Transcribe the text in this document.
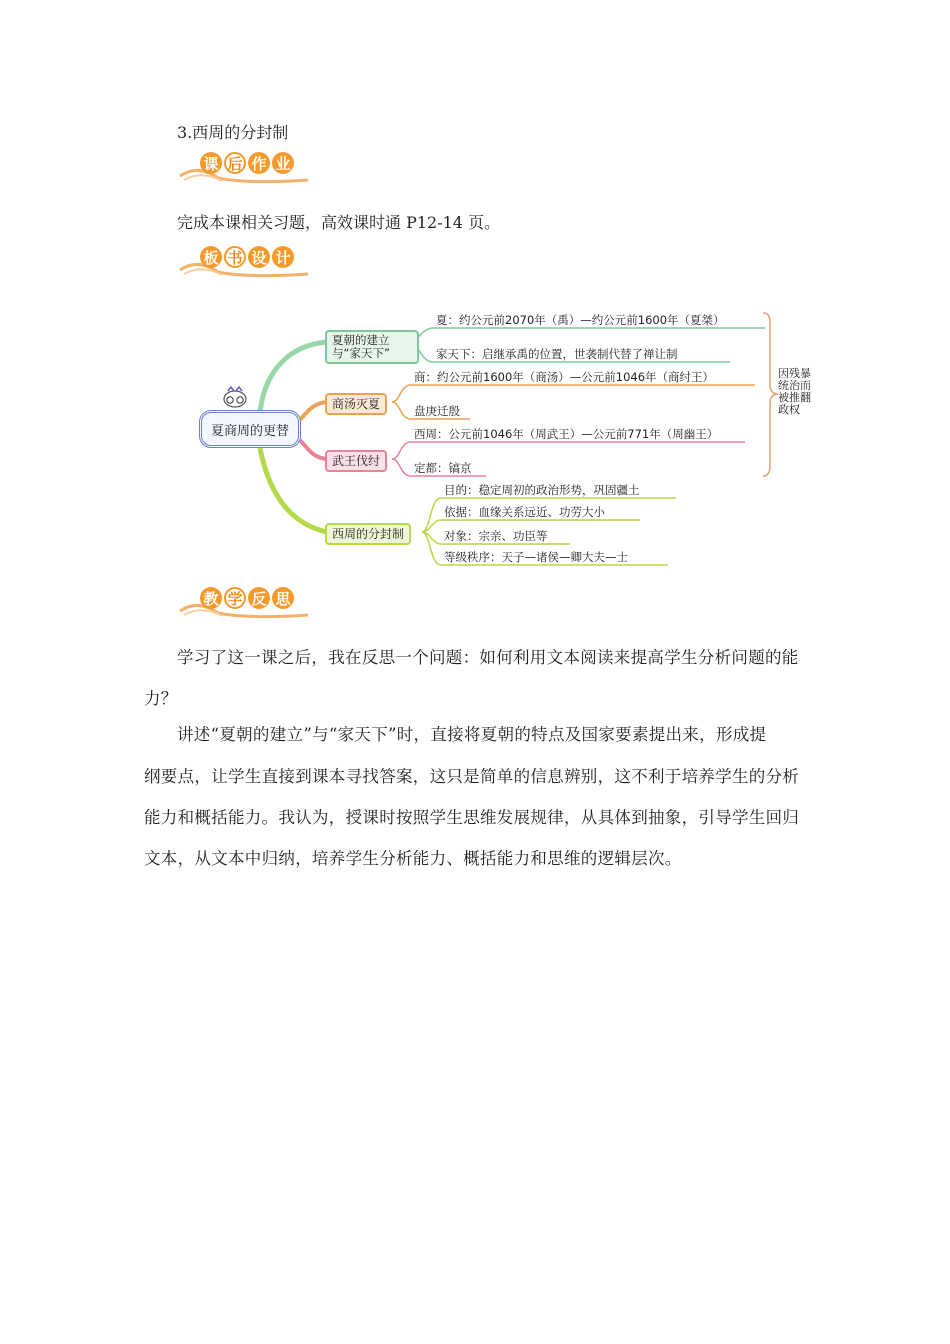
3.西周的分封制
课 后 作 业
完成本课相关习题，高效课时通 P12-14 页。
板 书 设 计
夏商周的更替
夏朝的建立
与“家天下”
夏：约公元前2070年（禹）—约公元前1600年（夏桀）
家天下：启继承禹的位置，世袭制代替了禅让制
商汤灭夏
商：约公元前1600年（商汤）—公元前1046年（商纣王）
盘庚迁殷
武王伐纣
西周：公元前1046年（周武王）—公元前771年（周幽王）
定都：镐京
西周的分封制
目的：稳定周初的政治形势，巩固疆土
依据：血缘关系远近、功劳大小
对象：宗亲、功臣等
等级秩序：天子—诸侯—卿大夫—士
因残暴
统治而
被推翻
政权
教 学 反 思
学习了这一课之后，我在反思一个问题：如何利用文本阅读来提高学生分析问题的能
力？
讲述“夏朝的建立”与“家天下”时，直接将夏朝的特点及国家要素提出来，形成提
纲要点，让学生直接到课本寻找答案，这只是简单的信息辨别，这不利于培养学生的分析
能力和概括能力。我认为，授课时按照学生思维发展规律，从具体到抽象，引导学生回归
文本，从文本中归纳，培养学生分析能力、概括能力和思维的逻辑层次。
